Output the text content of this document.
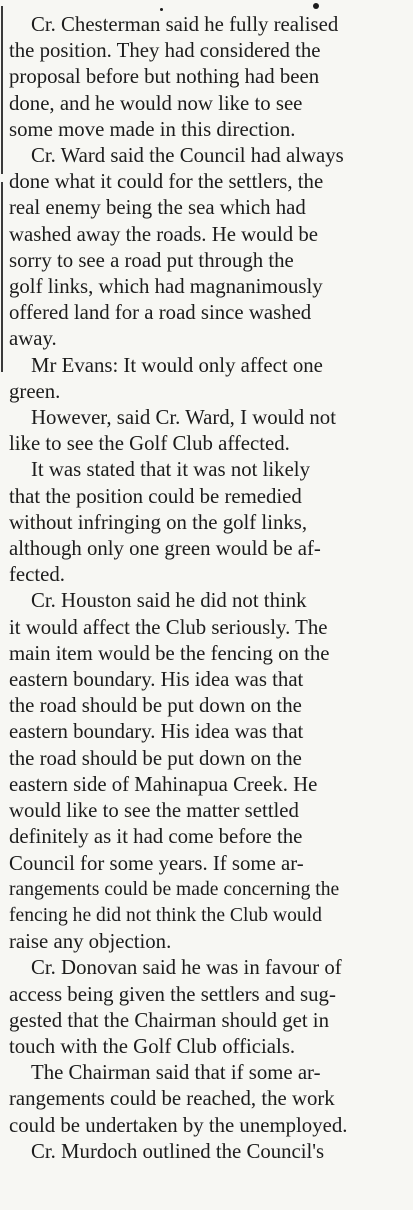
Cr. Chesterman said he fully realised

the position. They had considered the

proposal before but nothing had been

done, and he would now like to see

some move made in this direction.

Cr. Ward said the Council had always

done what it could for the settlers, the

real enemy being the sea which had

washed away the roads. He would be

sorry to see a road put through the

golf links, which had magnanimously

offered land for a road since washed

away.

Mr Evans: It would only affect one

green.

However, said Cr. Ward, I would not

like to see the Golf Club affected.

It was stated that it was not likely

that the position could be remedied

without infringing on the golf links,

although only one green would be af-

fected.

Cr. Houston said he did not think

it would affect the Club seriously. The

main item would be the fencing on the

eastern boundary. His idea was that

the road should be put down on the

eastern boundary. His idea was that

the road should be put down on the

eastern side of Mahinapua Creek. He

would like to see the matter settled

definitely as it had come before the

Council for some years. If some ar-

rangements could be made concerning the

fencing he did not think the Club would

raise any objection.

Cr. Donovan said he was in favour of

access being given the settlers and sug-

gested that the Chairman should get in

touch with the Golf Club officials.

The Chairman said that if some ar-

rangements could be reached, the work

could be undertaken by the unemployed.

Cr. Murdoch outlined the Council's
